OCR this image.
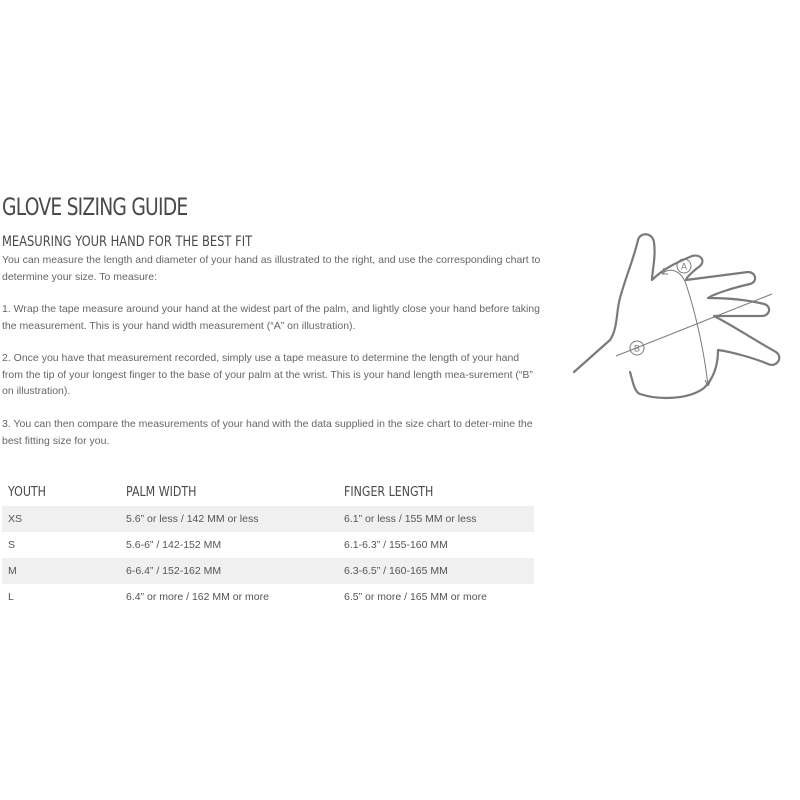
GLOVE SIZING GUIDE
MEASURING YOUR HAND FOR THE BEST FIT

You can measure the length and diameter of your hand as illustrated to the right, and use the corresponding chart to determine your size. To measure:

1. Wrap the tape measure around your hand at the widest part of the palm, and lightly close your hand before taking the measurement. This is your hand width measurement (“A” on illustration).

2. Once you have that measurement recorded, simply use a tape measure to determine the length of your hand from the tip of your longest finger to the base of your palm at the wrist. This is your hand length mea-surement (“B” on illustration).

3. You can then compare the measurements of your hand with the data supplied in the size chart to deter-mine the best fitting size for you.

A
B
YOUTH	PALM WIDTH	FINGER LENGTH
XS	5.6” or less / 142 MM or less	6.1” or less / 155 MM or less
S	5.6-6” / 142-152 MM	6.1-6.3” / 155-160 MM
M	6-6.4” / 152-162 MM	6.3-6.5” / 160-165 MM
L	6.4” or more / 162 MM or more	6.5” or more / 165 MM or more
